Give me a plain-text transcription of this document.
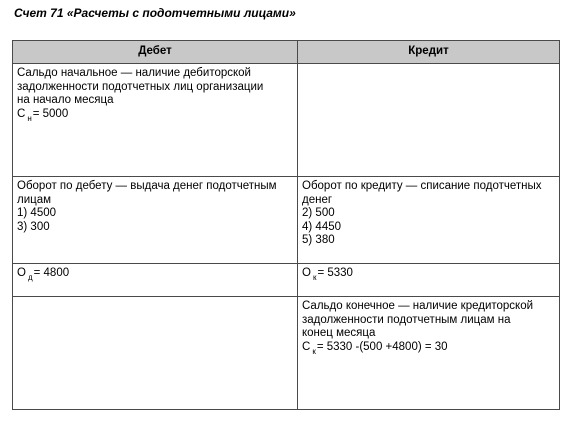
Счет 71 «Расчеты с подотчетными лицами»
Дебет	Кредит

Сальдо начальное — наличие дебиторской
задолженности подотчетных лиц организации
на начало месяца
С $_н$= 5000	

Оборот по дебету — выдача денег подотчетным
лицам
1) 4500
3) 300	Оборот по кредиту — списание подотчетных
денег
2) 500
4) 4450
5) 380

О $_д$= 4800	О $_к$= 5330

	Сальдо конечное — наличие кредиторской
задолженности подотчетным лицам на
конец месяца
С $_к$= 5330 -(500 +4800) = 30
